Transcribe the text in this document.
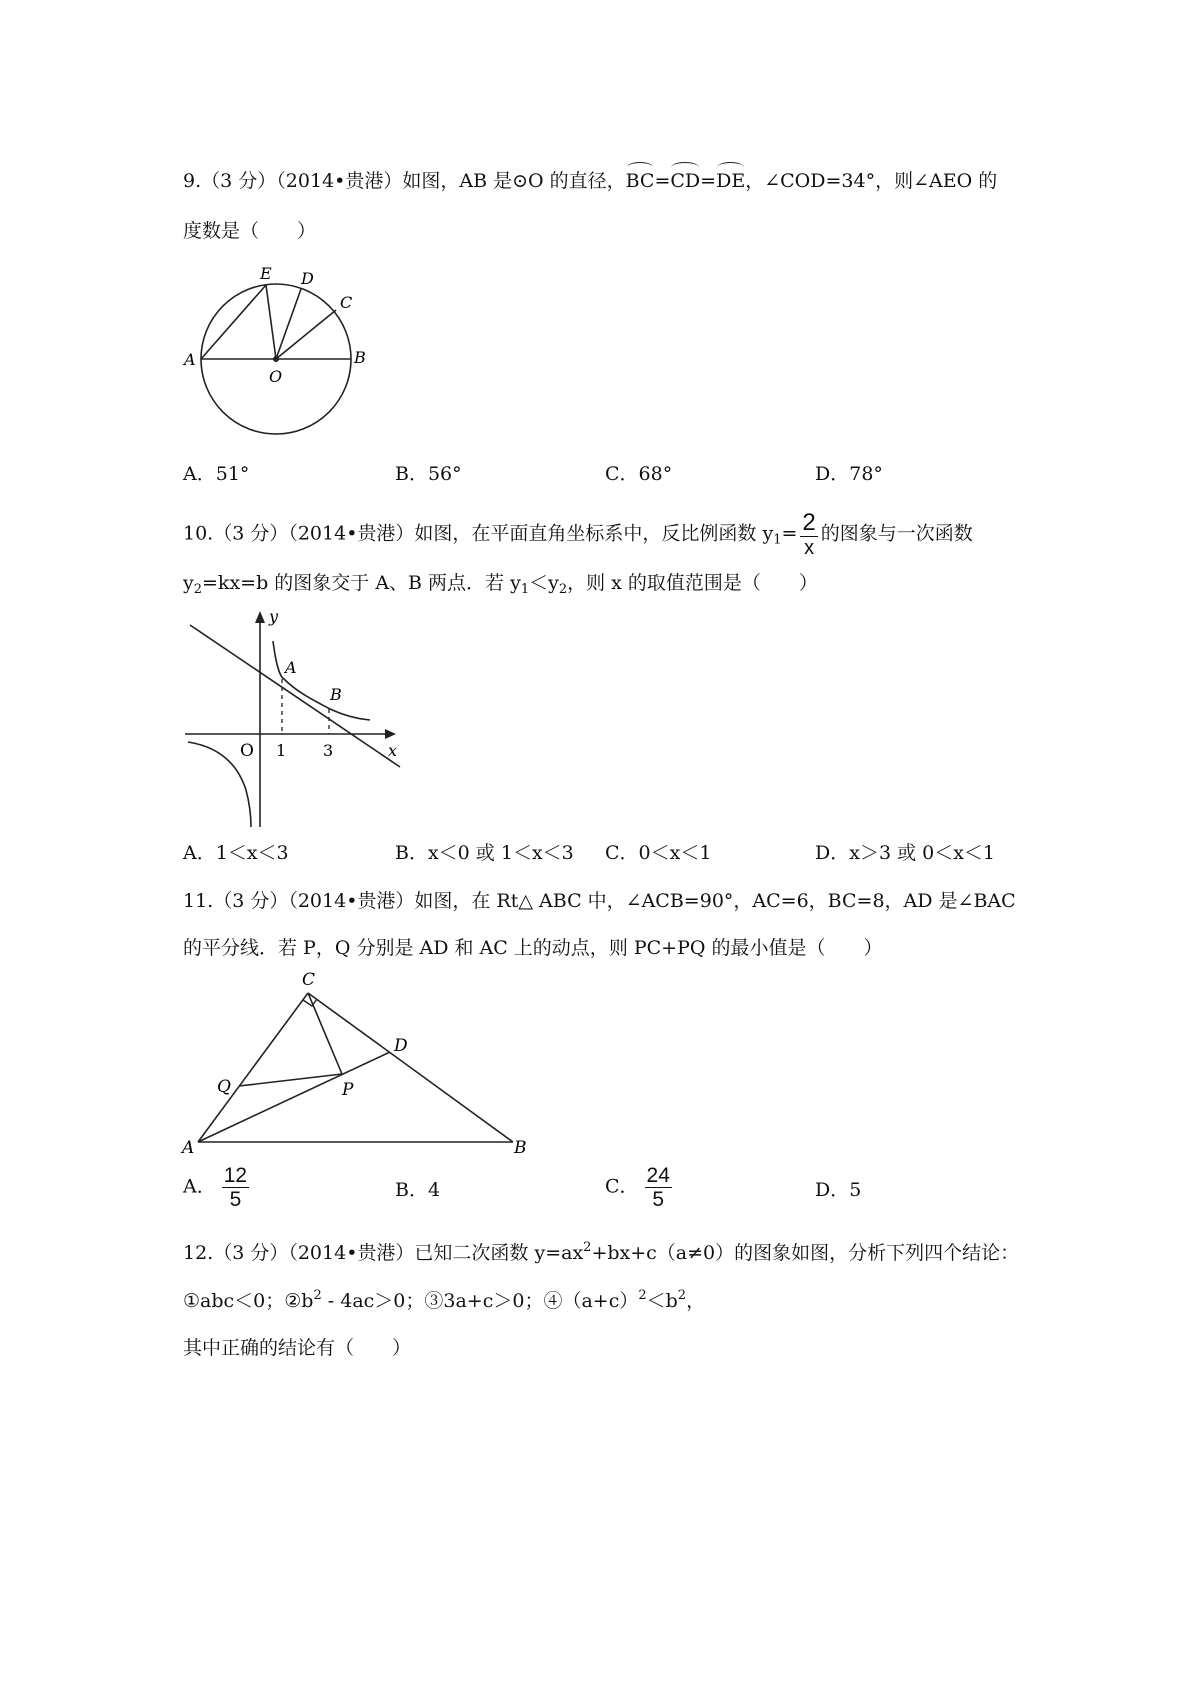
9.（3 分）（2014•贵港）如图，AB 是⊙O 的直径，BC=CD=DE，∠COD=34°，则∠AEO 的
度数是（　　）
E D
C
A	B
O
A．51°	B．56°	C．68°	D．78°
10.（3 分）（2014•贵港）如图，在平面直角坐标系中，反比例函数 $y_1= \frac{2}{x}$ 的图象与一次函数
$y_2=kx=b$ 的图象交于 A、B 两点．若 $y_1<y_2$，则 x 的取值范围是（　　）
y
x
O 1 3
A
B
A．1＜x＜3	B．x＜0 或 1＜x＜3 C．0＜x＜1	D．x＞3 或 0＜x＜1
11.（3 分）（2014•贵港）如图，在 Rt△ ABC 中，∠ACB=90°，AC=6，BC=8，AD 是∠BAC
的平分线．若 P，Q 分别是 AD 和 AC 上的动点，则 PC+PQ 的最小值是（　　）
C
D
Q	P
A	B
A． $\frac{12}{5}$	B．4	C． $\frac{24}{5}$	D．5
12.（3 分）（2014•贵港）已知二次函数 $y=ax^2+bx+c(a\ne 0)$的图象如图，分析下列四个结论：
①abc＜0；$②b^2 - 4ac>0$；③3a+c＞0；$④(a+c)^2<b^2$，
其中正确的结论有（　　）
